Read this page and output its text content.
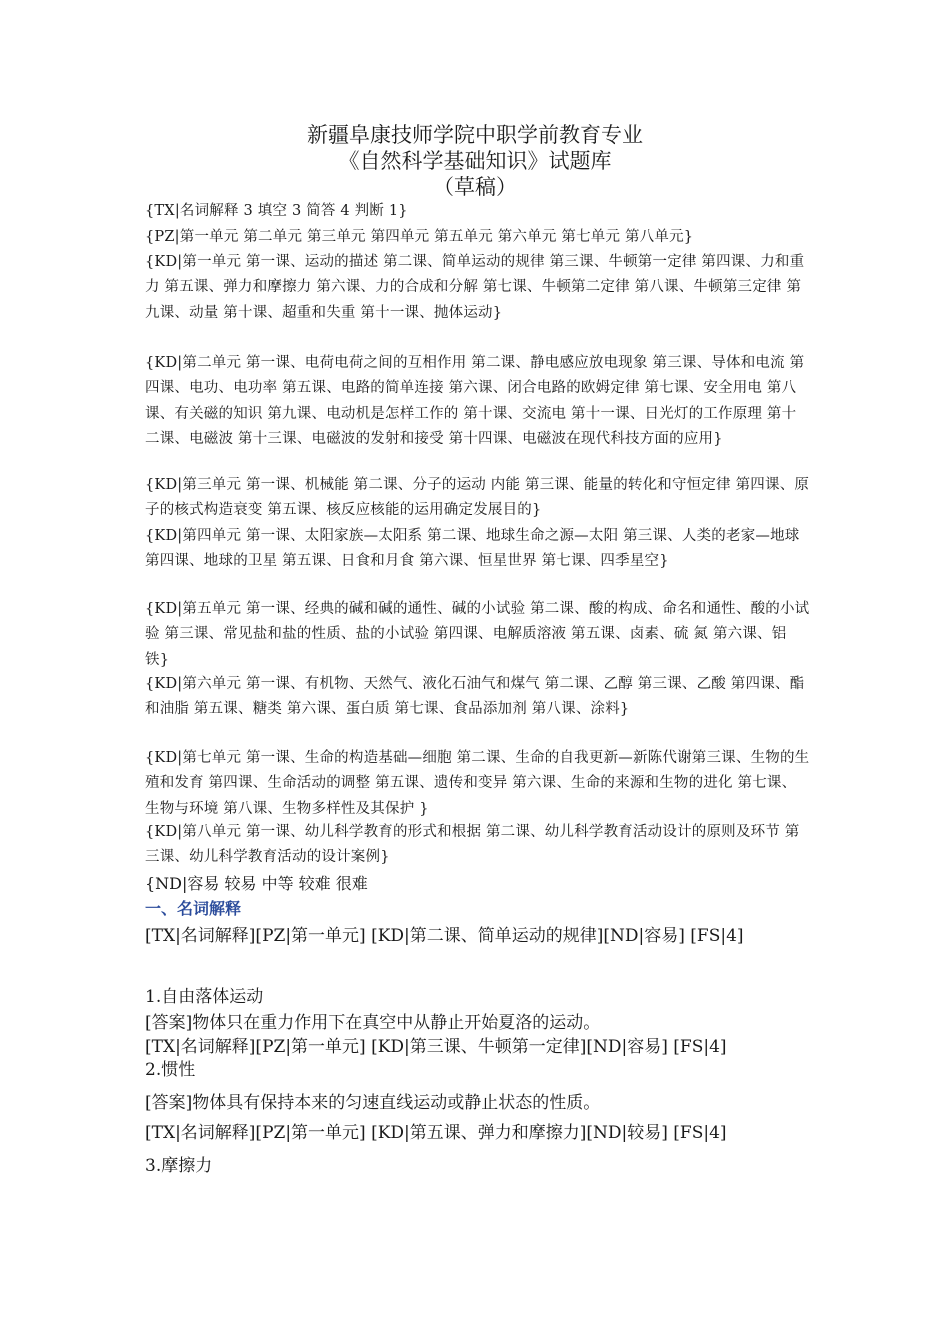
新疆阜康技师学院中职学前教育专业
《自然科学基础知识》试题库
（草稿）

{TX|名词解释 3 填空 3 简答 4 判断 1}

{PZ|第一单元 第二单元 第三单元 第四单元 第五单元 第六单元 第七单元 第八单元}

{KD|第一单元 第一课、运动的描述 第二课、简单运动的规律 第三课、牛顿第一定律 第四课、力和重力 第五课、弹力和摩擦力 第六课、力的合成和分解 第七课、牛顿第二定律 第八课、牛顿第三定律 第九课、动量 第十课、超重和失重 第十一课、抛体运动}

{KD|第二单元 第一课、电荷电荷之间的互相作用 第二课、静电感应放电现象 第三课、导体和电流 第四课、电功、电功率 第五课、电路的简单连接 第六课、闭合电路的欧姆定律 第七课、安全用电 第八课、有关磁的知识 第九课、电动机是怎样工作的 第十课、交流电 第十一课、日光灯的工作原理 第十二课、电磁波 第十三课、电磁波的发射和接受 第十四课、电磁波在现代科技方面的应用}

{KD|第三单元 第一课、机械能 第二课、分子的运动 内能 第三课、能量的转化和守恒定律 第四课、原子的核式构造衰变 第五课、核反应核能的运用确定发展目的}

{KD|第四单元 第一课、太阳家族—太阳系 第二课、地球生命之源—太阳 第三课、人类的老家—地球 第四课、地球的卫星 第五课、日食和月食 第六课、恒星世界 第七课、四季星空}

{KD|第五单元 第一课、经典的碱和碱的通性、碱的小试验 第二课、酸的构成、命名和通性、酸的小试验 第三课、常见盐和盐的性质、盐的小试验 第四课、电解质溶液 第五课、卤素、硫 氮 第六课、铝 铁}

{KD|第六单元 第一课、有机物、天然气、液化石油气和煤气 第二课、乙醇 第三课、乙酸 第四课、酯和油脂 第五课、糖类 第六课、蛋白质 第七课、食品添加剂 第八课、涂料}

{KD|第七单元 第一课、生命的构造基础—细胞 第二课、生命的自我更新—新陈代谢第三课、生物的生殖和发育 第四课、生命活动的调整 第五课、遗传和变异 第六课、生命的来源和生物的进化 第七课、生物与环境 第八课、生物多样性及其保护 }

{KD|第八单元 第一课、幼儿科学教育的形式和根据 第二课、幼儿科学教育活动设计的原则及环节 第三课、幼儿科学教育活动的设计案例}

{ND|容易 较易 中等 较难 很难

一、名词解释

[TX|名词解释][PZ|第一单元] [KD|第二课、简单运动的规律][ND|容易] [FS|4]

1.自由落体运动

[答案]物体只在重力作用下在真空中从静止开始夏洛的运动。

[TX|名词解释][PZ|第一单元] [KD|第三课、牛顿第一定律][ND|容易] [FS|4]

2.惯性

[答案]物体具有保持本来的匀速直线运动或静止状态的性质。

[TX|名词解释][PZ|第一单元] [KD|第五课、弹力和摩擦力][ND|较易] [FS|4]

3.摩擦力
